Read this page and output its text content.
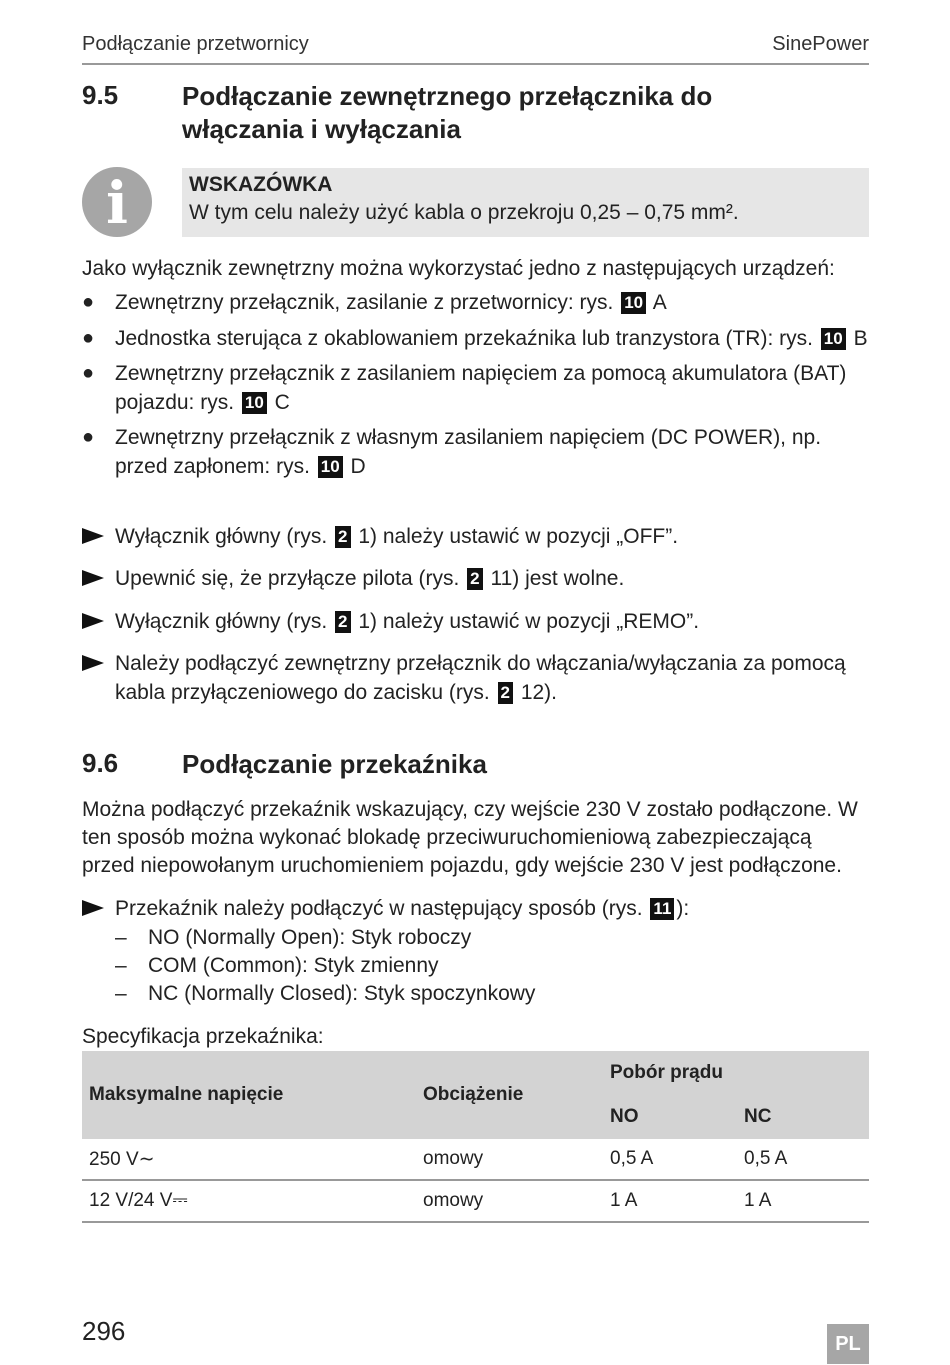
Podłączanie przetwornicy	SinePower
9.5 Podłączanie zewnętrznego przełącznika do włączania i wyłączania
i	WSKAZÓWKA
W tym celu należy użyć kabla o przekroju 0,25 – 0,75 mm².
Jako wyłącznik zewnętrzny można wykorzystać jedno z następujących urządzeń:
● Zewnętrzny przełącznik, zasilanie z przetwornicy: rys. 10 A
● Jednostka sterująca z okablowaniem przekaźnika lub tranzystora (TR): rys. 10 B
● Zewnętrzny przełącznik z zasilaniem napięciem za pomocą akumulatora (BAT) pojazdu: rys. 10 C
● Zewnętrzny przełącznik z własnym zasilaniem napięciem (DC POWER), np. przed zapłonem: rys. 10 D
Wyłącznik główny (rys. 2 1) należy ustawić w pozycji „OFF”.
Upewnić się, że przyłącze pilota (rys. 2 11) jest wolne.
Wyłącznik główny (rys. 2 1) należy ustawić w pozycji „REMO”.
Należy podłączyć zewnętrzny przełącznik do włączania/wyłączania za pomocą kabla przyłączeniowego do zacisku (rys. 2 12).
9.6 Podłączanie przekaźnika
Można podłączyć przekaźnik wskazujący, czy wejście 230 V zostało podłączone. W ten sposób można wykonać blokadę przeciwuruchomieniową zabezpieczającą przed niepowołanym uruchomieniem pojazdu, gdy wejście 230 V jest podłączone.
Przekaźnik należy podłączyć w następujący sposób (rys. 11 ):
– NO (Normally Open): Styk roboczy
– COM (Common): Styk zmienny
– NC (Normally Closed): Styk spoczynkowy
Specyfikacja przekaźnika:
Maksymalne napięcie	Obciążenie	Pobór prądu	
		NO	NC
250 V∼	omowy	0,5 A	0,5 A
12 V/24 V⎓	omowy	1 A	1 A
296	PL
